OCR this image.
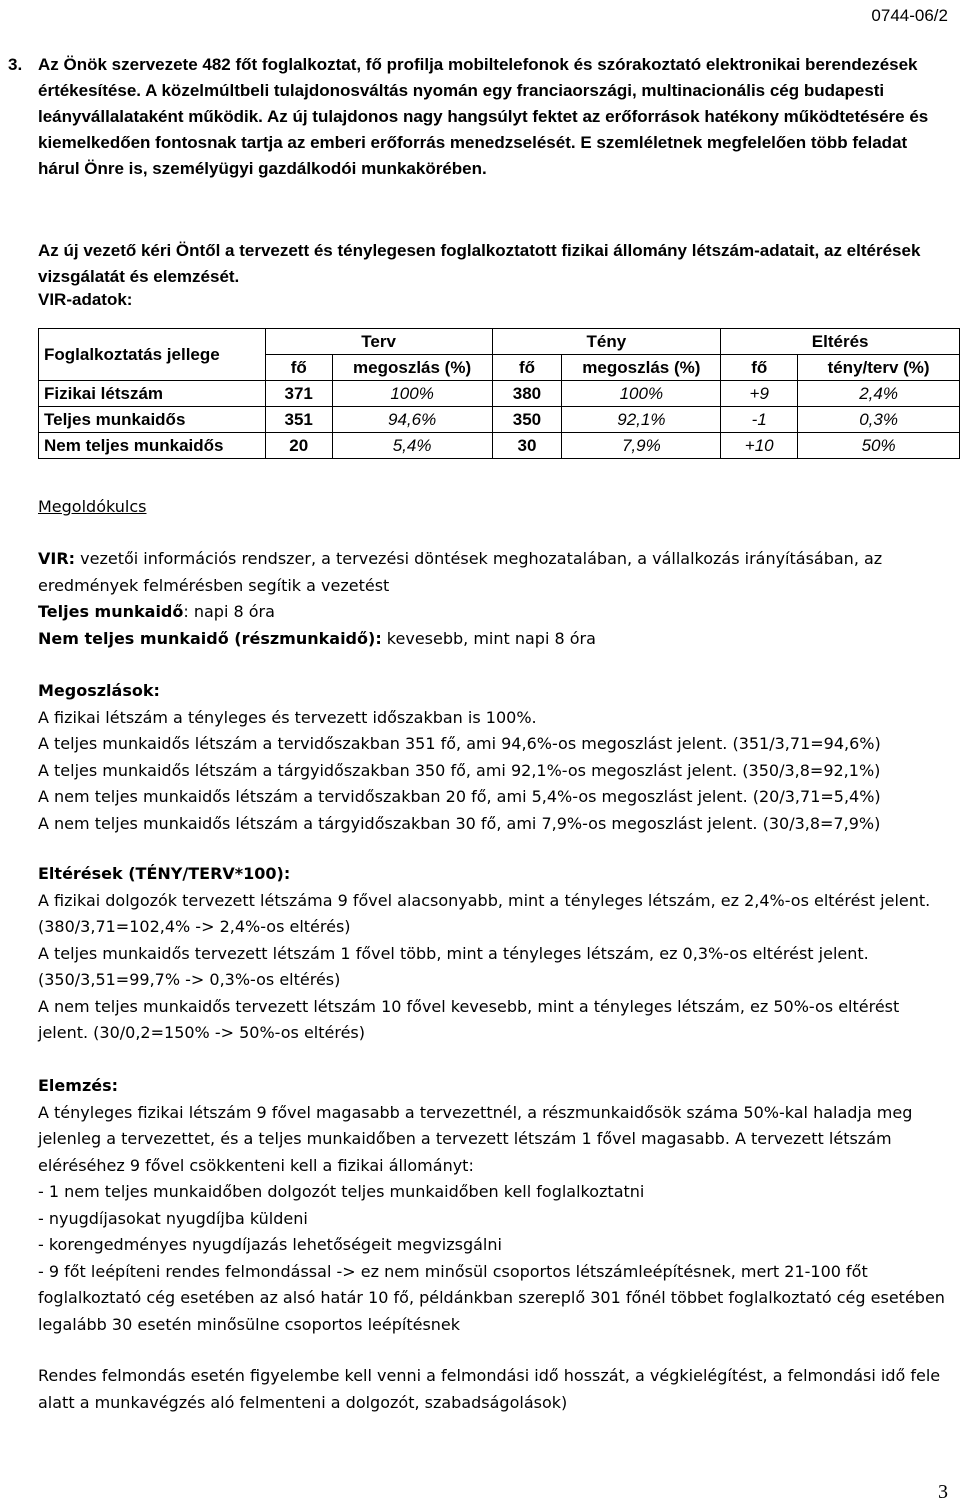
0744-06/2
3. Az Önök szervezete 482 főt foglalkoztat, fő profilja mobiltelefonok és szórakoztató elektronikai berendezések értékesítése. A közelmúltbeli tulajdonosváltás nyomán egy franciaországi, multinacionális cég budapesti leányvállalataként működik. Az új tulajdonos nagy hangsúlyt fektet az erőforrások hatékony működtetésére és kiemelkedően fontosnak tartja az emberi erőforrás menedzselését. E szemléletnek megfelelően több feladat hárul Önre is, személyügyi gazdálkodói munkakörében.
Az új vezető kéri Öntől a tervezett és ténylegesen foglalkoztatott fizikai állomány létszám-adatait, az eltérések vizsgálatát és elemzését.
VIR-adatok:
Foglalkoztatás jellege	Terv		Tény		Eltérés	
	fő	megoszlás (%)	fő	megoszlás (%)	fő	tény/terv (%)
Fizikai létszám	371	100%	380	100%	+9	2,4%
Teljes munkaidős	351	94,6%	350	92,1%	-1	0,3%
Nem teljes munkaidős	20	5,4%	30	7,9%	+10	50%

Megoldókulcs

VIR: vezetői információs rendszer, a tervezési döntések meghozatalában, a vállalkozás irányításában, az eredmények felmérésben segítik a vezetést

Teljes munkaidő: napi 8 óra

Nem teljes munkaidő (részmunkaidő): kevesebb, mint napi 8 óra

Megoszlások:

A fizikai létszám a tényleges és tervezett időszakban is 100%.

A teljes munkaidős létszám a tervidőszakban 351 fő, ami 94,6%-os megoszlást jelent. (351/3,71=94,6%)

A teljes munkaidős létszám a tárgyidőszakban 350 fő, ami 92,1%-os megoszlást jelent. (350/3,8=92,1%)

A nem teljes munkaidős létszám a tervidőszakban 20 fő, ami 5,4%-os megoszlást jelent. (20/3,71=5,4%)

A nem teljes munkaidős létszám a tárgyidőszakban 30 fő, ami 7,9%-os megoszlást jelent. (30/3,8=7,9%)

Eltérések (TÉNY/TERV*100):

A fizikai dolgozók tervezett létszáma 9 fővel alacsonyabb, mint a tényleges létszám, ez 2,4%-os eltérést jelent. (380/3,71=102,4% -> 2,4%-os eltérés)

A teljes munkaidős tervezett létszám 1 fővel több, mint a tényleges létszám, ez 0,3%-os eltérést jelent. (350/3,51=99,7% -> 0,3%-os eltérés)

A nem teljes munkaidős tervezett létszám 10 fővel kevesebb, mint a tényleges létszám, ez 50%-os eltérést jelent. (30/0,2=150% -> 50%-os eltérés)

Elemzés:

A tényleges fizikai létszám 9 fővel magasabb a tervezettnél, a részmunkaidősök száma 50%-kal haladja meg jelenleg a tervezettet, és a teljes munkaidőben a tervezett létszám 1 fővel magasabb. A tervezett létszám eléréséhez 9 fővel csökkenteni kell a fizikai állományt:

- 1 nem teljes munkaidőben dolgozót teljes munkaidőben kell foglalkoztatni

- nyugdíjasokat nyugdíjba küldeni

- korengedményes nyugdíjazás lehetőségeit megvizsgálni

- 9 főt leépíteni rendes felmondással -> ez nem minősül csoportos létszámleépítésnek, mert 21-100 főt foglalkoztató cég esetében az alsó határ 10 fő, példánkban szereplő 301 főnél többet foglalkoztató cég esetében legalább 30 esetén minősülne csoportos leépítésnek

Rendes felmondás esetén figyelembe kell venni a felmondási idő hosszát, a végkielégítést, a felmondási idő fele alatt a munkavégzés aló felmenteni a dolgozót, szabadságolások)

3
